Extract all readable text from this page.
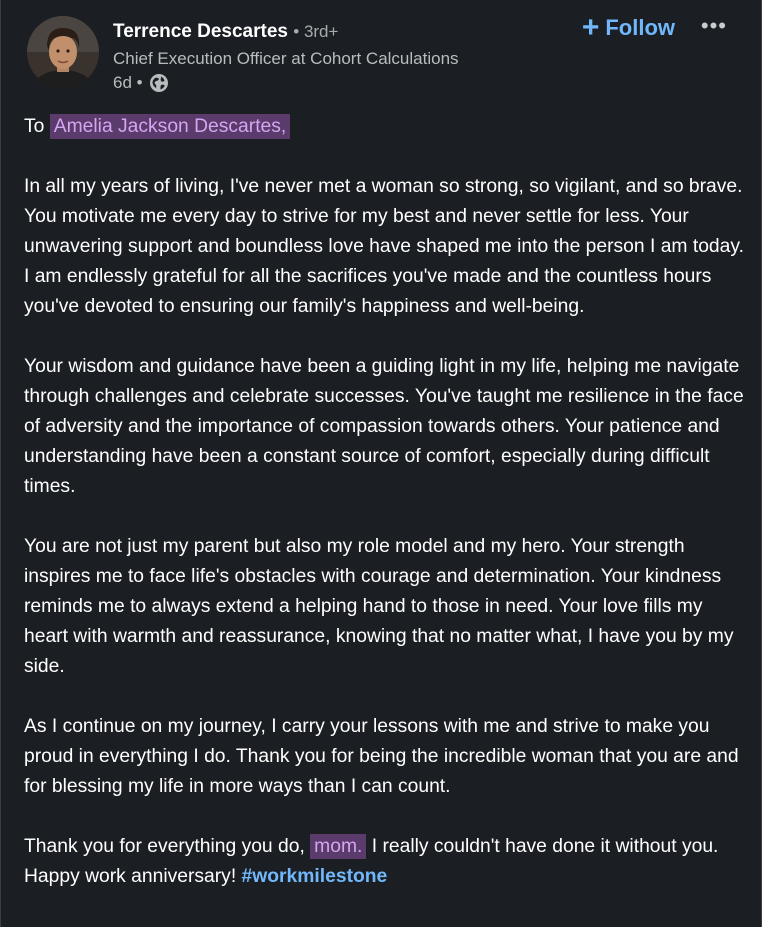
Terrence Descartes • 3rd+
Chief Execution Officer at Cohort Calculations
6d •
+ Follow •••

To Amelia Jackson Descartes,

In all my years of living, I've never met a woman so strong, so vigilant, and so brave. You motivate me every day to strive for my best and never settle for less. Your unwavering support and boundless love have shaped me into the person I am today. I am endlessly grateful for all the sacrifices you've made and the countless hours you've devoted to ensuring our family's happiness and well-being.

Your wisdom and guidance have been a guiding light in my life, helping me navigate through challenges and celebrate successes. You've taught me resilience in the face of adversity and the importance of compassion towards others. Your patience and understanding have been a constant source of comfort, especially during difficult times.

You are not just my parent but also my role model and my hero. Your strength inspires me to face life's obstacles with courage and determination. Your kindness reminds me to always extend a helping hand to those in need. Your love fills my heart with warmth and reassurance, knowing that no matter what, I have you by my side.

As I continue on my journey, I carry your lessons with me and strive to make you proud in everything I do. Thank you for being the incredible woman that you are and for blessing my life in more ways than I can count.

Thank you for everything you do, mom. I really couldn't have done it without you. Happy work anniversary! #workmilestone
